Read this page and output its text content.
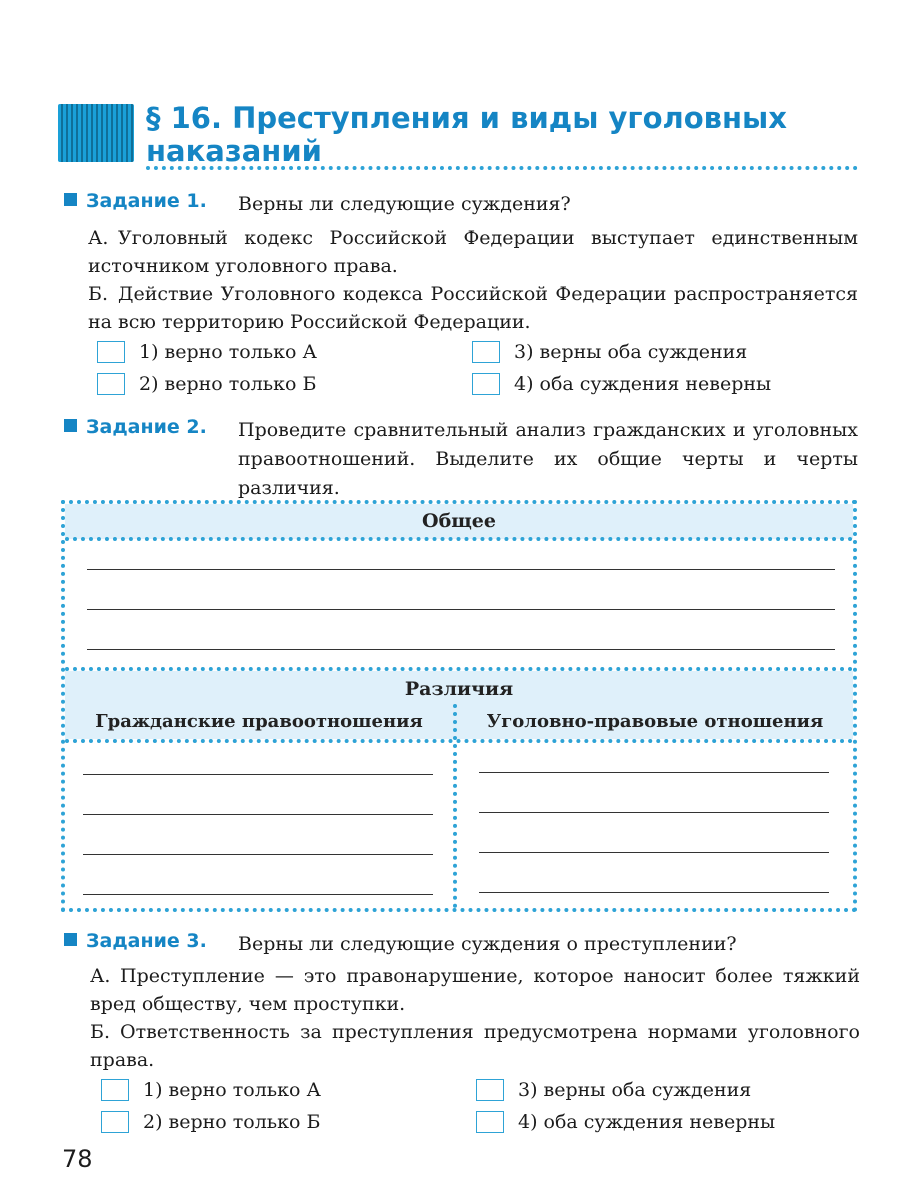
§ 16. Преступления и виды уголовных наказаний
Задание 1. Верны ли следующие суждения?
А. Уголовный кодекс Российской Федерации выступает единственным источником уголовного права.
Б. Действие Уголовного кодекса Российской Федерации распространяется на всю территорию Российской Федерации.
1) верно только А
2) верно только Б
3) верны оба суждения
4) оба суждения неверны
Задание 2. Проведите сравнительный анализ гражданских и уголовных правоотношений. Выделите их общие черты и черты различия.
Общее
Различия
Гражданские правоотношения	Уголовно-правовые отношения
Задание 3. Верны ли следующие суждения о преступлении?
А. Преступление — это правонарушение, которое наносит более тяжкий вред обществу, чем проступки.
Б. Ответственность за преступления предусмотрена нормами уголовного права.
1) верно только А
2) верно только Б
3) верны оба суждения
4) оба суждения неверны
78
